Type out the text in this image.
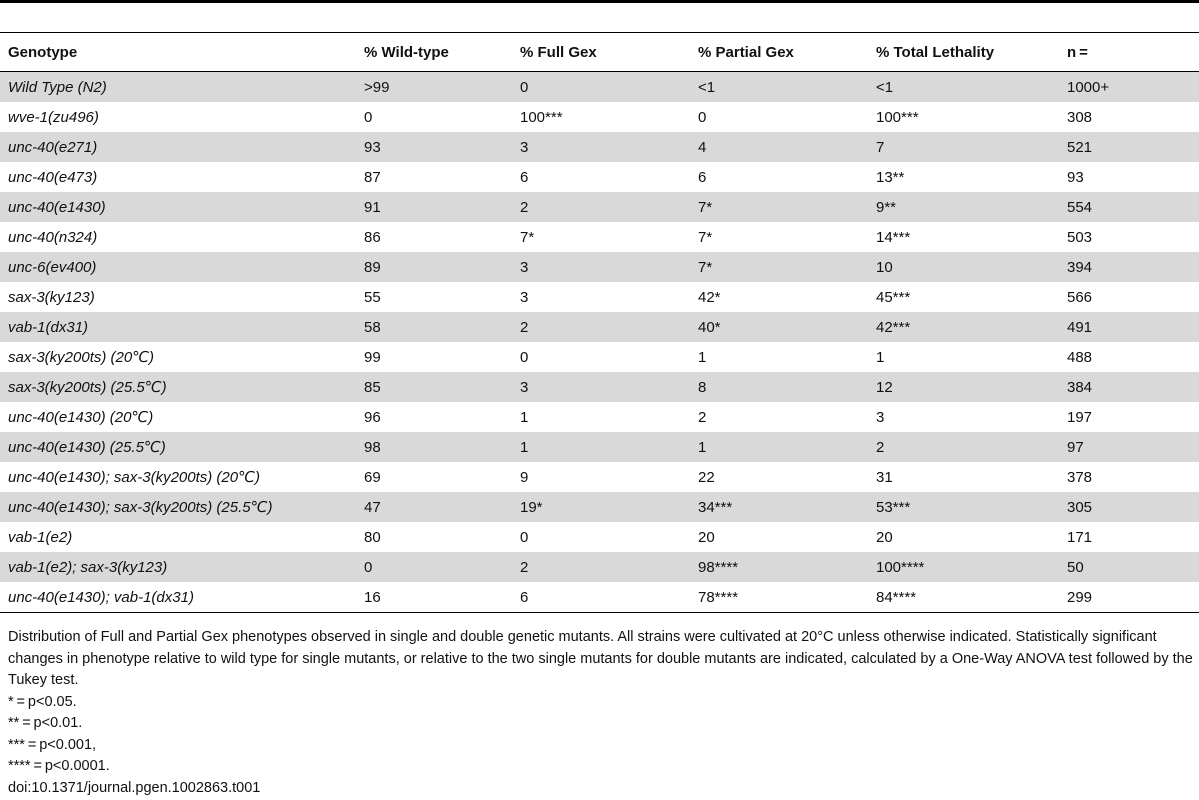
Genotype	% Wild-type	% Full Gex	% Partial Gex	% Total Lethality	n =
Wild Type (N2)	>99	0	<1	<1	1000+
wve-1(zu496)	0	100***	0	100***	308
unc-40(e271)	93	3	4	7	521
unc-40(e473)	87	6	6	13**	93
unc-40(e1430)	91	2	7*	9**	554
unc-40(n324)	86	7*	7*	14***	503
unc-6(ev400)	89	3	7*	10	394
sax-3(ky123)	55	3	42*	45***	566
vab-1(dx31)	58	2	40*	42***	491
sax-3(ky200ts) (20℃)	99	0	1	1	488
sax-3(ky200ts) (25.5℃)	85	3	8	12	384
unc-40(e1430) (20℃)	96	1	2	3	197
unc-40(e1430) (25.5℃)	98	1	1	2	97
unc-40(e1430); sax-3(ky200ts) (20℃)	69	9	22	31	378
unc-40(e1430); sax-3(ky200ts) (25.5℃)	47	19*	34***	53***	305
vab-1(e2)	80	0	20	20	171
vab-1(e2); sax-3(ky123)	0	2	98****	100****	50
unc-40(e1430); vab-1(dx31)	16	6	78****	84****	299
Distribution of Full and Partial Gex phenotypes observed in single and double genetic mutants. All strains were cultivated at 20°C unless otherwise indicated. Statistically significant changes in phenotype relative to wild type for single mutants, or relative to the two single mutants for double mutants are indicated, calculated by a One-Way ANOVA test followed by the Tukey test.
* = p<0.05.
** = p<0.01.
*** = p<0.001,
**** = p<0.0001.
doi:10.1371/journal.pgen.1002863.t001
